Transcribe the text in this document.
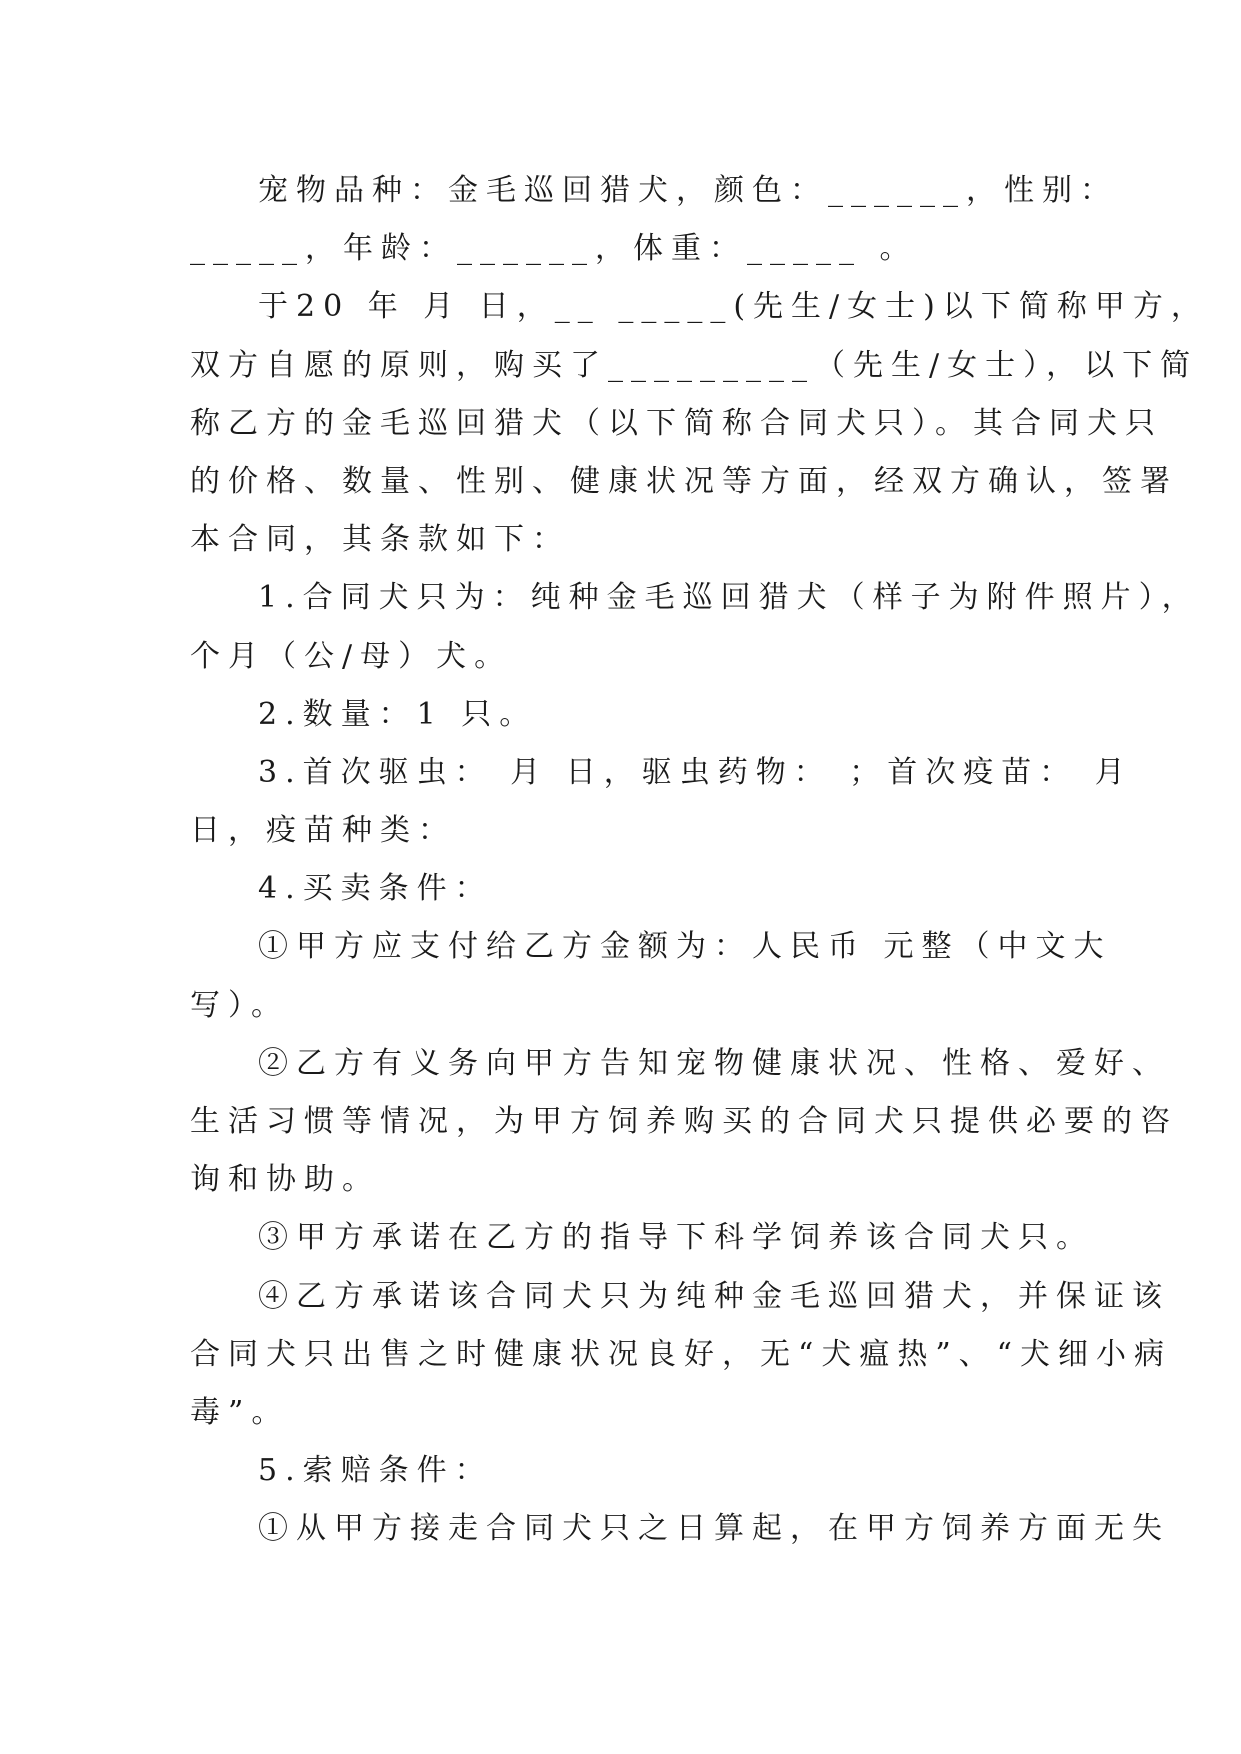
宠物品种：金毛巡回猎犬，颜色：______，性别：
_____，年龄：______，体重：_____ 。
于20 年 月 日，__ _____(先生/女士)以下简称甲方，
双方自愿的原则，购买了_________（先生/女士），以下简
称乙方的金毛巡回猎犬（以下简称合同犬只）。其合同犬只
的价格、数量、性别、健康状况等方面，经双方确认，签署
本合同，其条款如下：
1.合同犬只为：纯种金毛巡回猎犬（样子为附件照片），
个月（公/母）犬。
2.数量：1 只。
3.首次驱虫： 月 日，驱虫药物： ；首次疫苗： 月
日，疫苗种类：
4.买卖条件：
①甲方应支付给乙方金额为：人民币 元整（中文大
写）。
②乙方有义务向甲方告知宠物健康状况、性格、爱好、
生活习惯等情况，为甲方饲养购买的合同犬只提供必要的咨
询和协助。
③甲方承诺在乙方的指导下科学饲养该合同犬只。
④乙方承诺该合同犬只为纯种金毛巡回猎犬，并保证该
合同犬只出售之时健康状况良好，无“犬瘟热”、“犬细小病
毒”。
5.索赔条件：
①从甲方接走合同犬只之日算起，在甲方饲养方面无失
